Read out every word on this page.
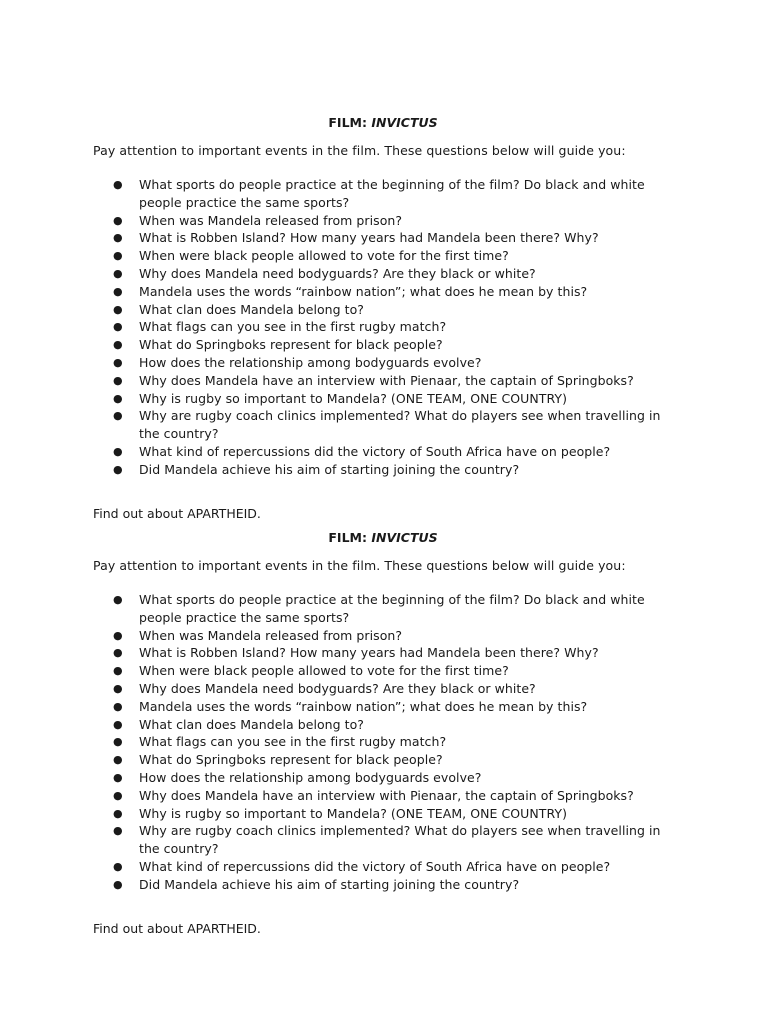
FILM: INVICTUS

Pay attention to important events in the film. These questions below will guide you:

● What sports do people practice at the beginning of the film? Do black and white people practice the same sports?
● When was Mandela released from prison?
● What is Robben Island? How many years had Mandela been there? Why?
● When were black people allowed to vote for the first time?
● Why does Mandela need bodyguards? Are they black or white?
● Mandela uses the words “rainbow nation”; what does he mean by this?
● What clan does Mandela belong to?
● What flags can you see in the first rugby match?
● What do Springboks represent for black people?
● How does the relationship among bodyguards evolve?
● Why does Mandela have an interview with Pienaar, the captain of Springboks?
● Why is rugby so important to Mandela? (ONE TEAM, ONE COUNTRY)
● Why are rugby coach clinics implemented? What do players see when travelling in the country?
● What kind of repercussions did the victory of South Africa have on people?
● Did Mandela achieve his aim of starting joining the country?

Find out about APARTHEID.

FILM: INVICTUS

Pay attention to important events in the film. These questions below will guide you:

● What sports do people practice at the beginning of the film? Do black and white people practice the same sports?
● When was Mandela released from prison?
● What is Robben Island? How many years had Mandela been there? Why?
● When were black people allowed to vote for the first time?
● Why does Mandela need bodyguards? Are they black or white?
● Mandela uses the words “rainbow nation”; what does he mean by this?
● What clan does Mandela belong to?
● What flags can you see in the first rugby match?
● What do Springboks represent for black people?
● How does the relationship among bodyguards evolve?
● Why does Mandela have an interview with Pienaar, the captain of Springboks?
● Why is rugby so important to Mandela? (ONE TEAM, ONE COUNTRY)
● Why are rugby coach clinics implemented? What do players see when travelling in the country?
● What kind of repercussions did the victory of South Africa have on people?
● Did Mandela achieve his aim of starting joining the country?

Find out about APARTHEID.
